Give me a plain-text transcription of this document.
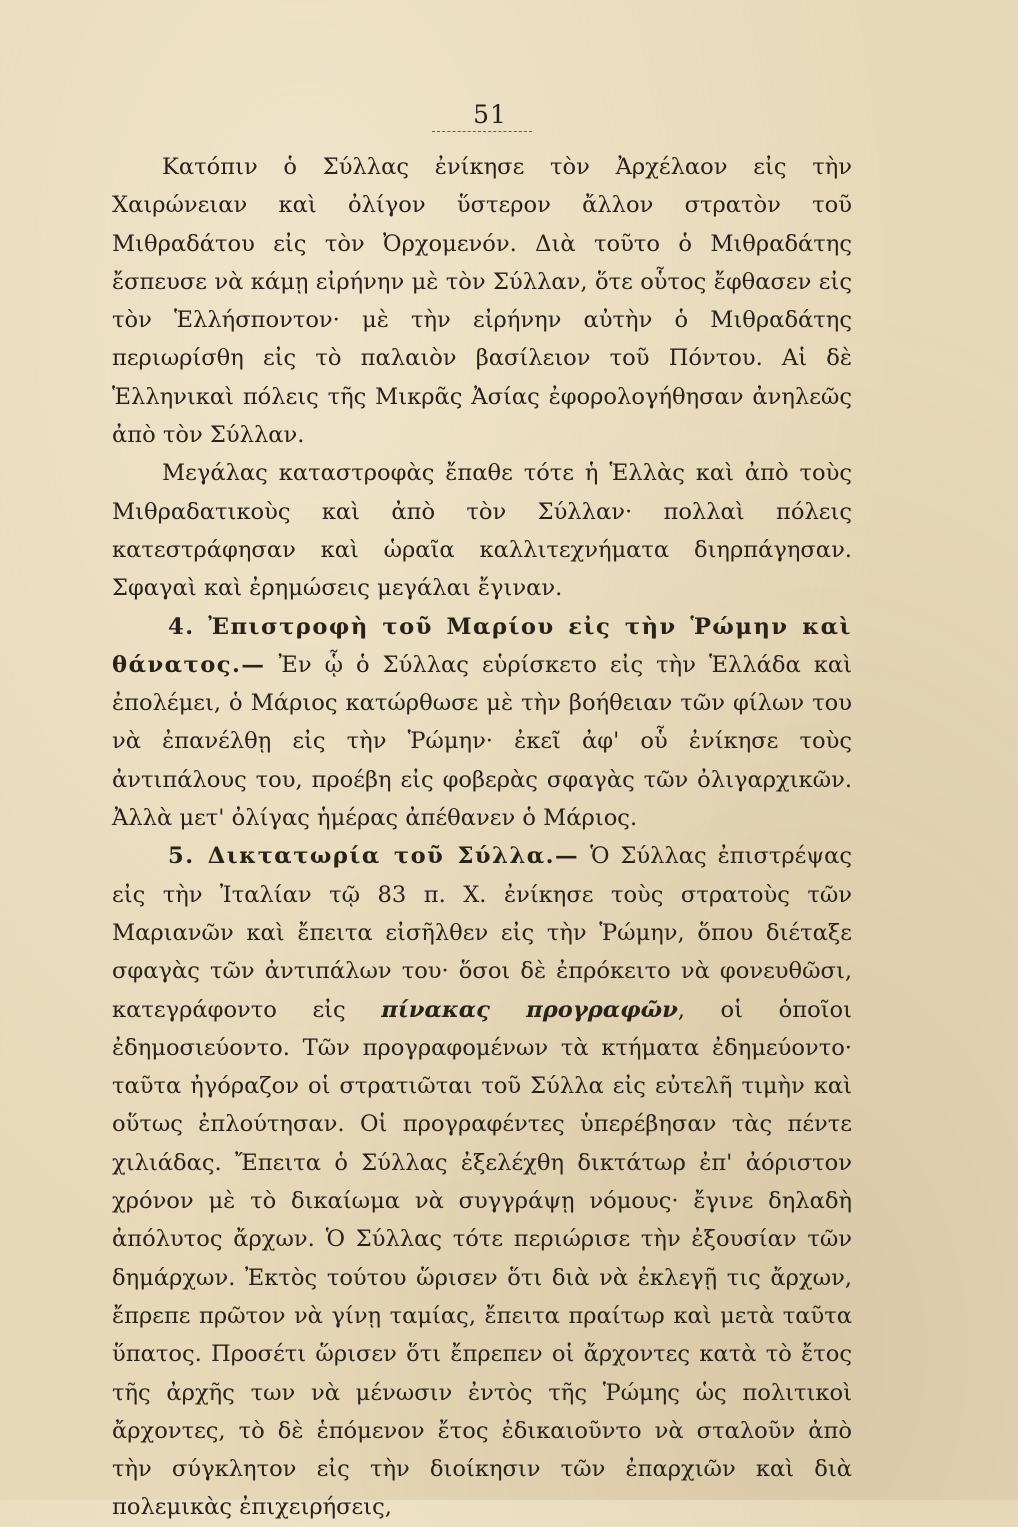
51

Κατόπιν ὁ Σύλλας ἐνίκησε τὸν Ἀρχέλαον εἰς τὴν Χαιρώνειαν καὶ ὀλίγον ὕστερον ἄλλον στρατὸν τοῦ Μιθραδάτου εἰς τὸν Ὀρχομενόν. Διὰ τοῦτο ὁ Μιθραδάτης ἔσπευσε νὰ κάμῃ εἰρήνην μὲ τὸν Σύλλαν, ὅτε οὗτος ἔφθασεν εἰς τὸν Ἑλλήσποντον· μὲ τὴν εἰρήνην αὐτὴν ὁ Μιθραδάτης περιωρίσθη εἰς τὸ παλαιὸν βασίλειον τοῦ Πόντου. Αἱ δὲ Ἑλληνικαὶ πόλεις τῆς Μικρᾶς Ἀσίας ἐφορολογήθησαν ἀνηλεῶς ἀπὸ τὸν Σύλλαν.

Μεγάλας καταστροφὰς ἔπαθε τότε ἡ Ἑλλὰς καὶ ἀπὸ τοὺς Μιθραδατικοὺς καὶ ἀπὸ τὸν Σύλλαν· πολλαὶ πόλεις κατεστράφησαν καὶ ὡραῖα καλλιτεχνήματα διηρπάγησαν. Σφαγαὶ καὶ ἐρημώσεις μεγάλαι ἔγιναν.

4. Ἐπιστροφὴ τοῦ Μαρίου εἰς τὴν Ῥώμην καὶ θάνατος.— Ἐν ᾧ ὁ Σύλλας εὑρίσκετο εἰς τὴν Ἑλλάδα καὶ ἐπολέμει, ὁ Μάριος κατώρθωσε μὲ τὴν βοήθειαν τῶν φίλων του νὰ ἐπανέλθῃ εἰς τὴν Ῥώμην· ἐκεῖ ἀφ' οὗ ἐνίκησε τοὺς ἀντιπάλους του, προέβη εἰς φοβερὰς σφαγὰς τῶν ὀλιγαρχικῶν. Ἀλλὰ μετ' ὀλίγας ἡμέρας ἀπέθανεν ὁ Μάριος.

5. Δικτατωρία τοῦ Σύλλα.— Ὁ Σύλλας ἐπιστρέψας εἰς τὴν Ἰταλίαν τῷ 83 π. Χ. ἐνίκησε τοὺς στρατοὺς τῶν Μαριανῶν καὶ ἔπειτα εἰσῆλθεν εἰς τὴν Ῥώμην, ὅπου διέταξε σφαγὰς τῶν ἀντιπάλων του· ὅσοι δὲ ἐπρόκειτο νὰ φονευθῶσι, κατεγράφοντο εἰς πίνακας προγραφῶν, οἱ ὁποῖοι ἐδημοσιεύοντο. Τῶν προγραφομένων τὰ κτήματα ἐδημεύοντο· ταῦτα ἠγόραζον οἱ στρατιῶται τοῦ Σύλλα εἰς εὐτελῆ τιμὴν καὶ οὕτως ἐπλούτησαν. Οἱ προγραφέντες ὑπερέβησαν τὰς πέντε χιλιάδας. Ἔπειτα ὁ Σύλλας ἐξελέχθη δικτάτωρ ἐπ' ἀόριστον χρόνον μὲ τὸ δικαίωμα νὰ συγγράψῃ νόμους· ἔγινε δηλαδὴ ἀπόλυτος ἄρχων. Ὁ Σύλλας τότε περιώρισε τὴν ἐξουσίαν τῶν δημάρχων. Ἐκτὸς τούτου ὥρισεν ὅτι διὰ νὰ ἐκλεγῇ τις ἄρχων, ἔπρεπε πρῶτον νὰ γίνῃ ταμίας, ἔπειτα πραίτωρ καὶ μετὰ ταῦτα ὕπατος. Προσέτι ὥρισεν ὅτι ἔπρεπεν οἱ ἄρχοντες κατὰ τὸ ἔτος τῆς ἀρχῆς των νὰ μένωσιν ἐντὸς τῆς Ῥώμης ὡς πολιτικοὶ ἄρχοντες, τὸ δὲ ἑπόμενον ἔτος ἐδικαιοῦντο νὰ σταλοῦν ἀπὸ τὴν σύγκλητον εἰς τὴν διοίκησιν τῶν ἐπαρχιῶν καὶ διὰ πολεμικὰς ἐπιχειρήσεις,
